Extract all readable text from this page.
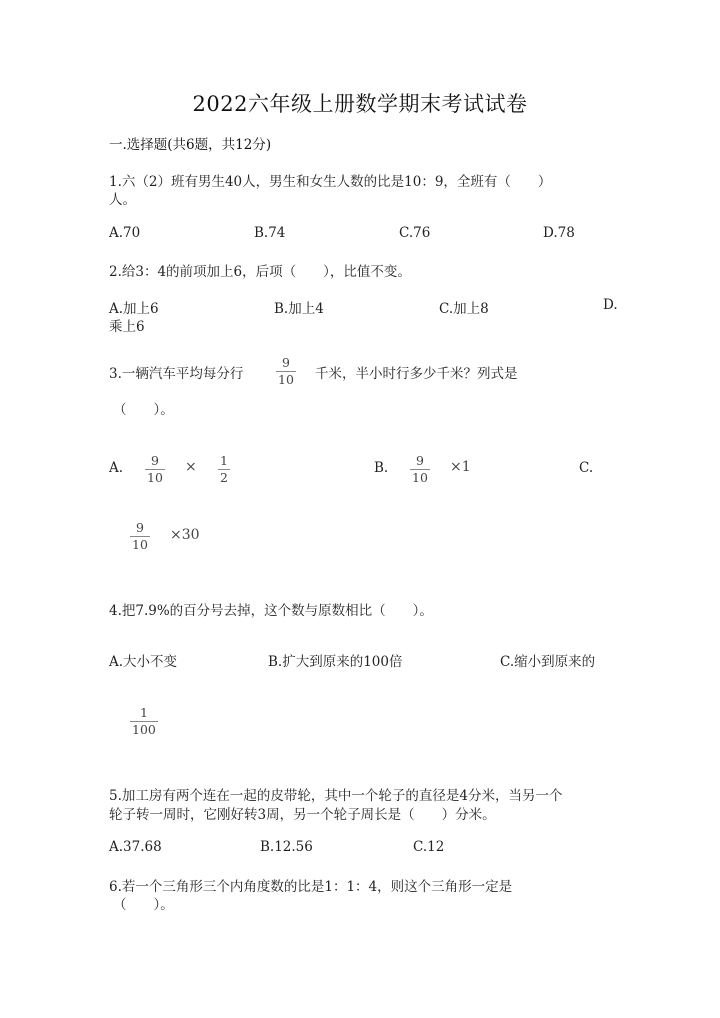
2022六年级上册数学期末考试试卷
一.选择题(共6题，共12分)
1.六（2）班有男生40人，男生和女生人数的比是10：9，全班有（　　）
人。
A.70	B.74	C.76	D.78
2.给3：4的前项加上6，后项（　　），比值不变。
A.加上6	B.加上4	C.加上8	D.
乘上6
3.一辆汽车平均每分行
9
10 千米，半小时行多少千米？列式是
（　　）。
A. 9
10
× 1
2
B. 9
10
×1	C.
9
10
×30
4.把7.9%的百分号去掉，这个数与原数相比（　　）。
A.大小不变	B.扩大到原来的100倍	C.缩小到原来的
1
100
5.加工房有两个连在一起的皮带轮，其中一个轮子的直径是4分米，当另一个
轮子转一周时，它刚好转3周，另一个轮子周长是（　　）分米。
A.37.68	B.12.56	C.12
6.若一个三角形三个内角度数的比是1：1：4，则这个三角形一定是
（　　）。
